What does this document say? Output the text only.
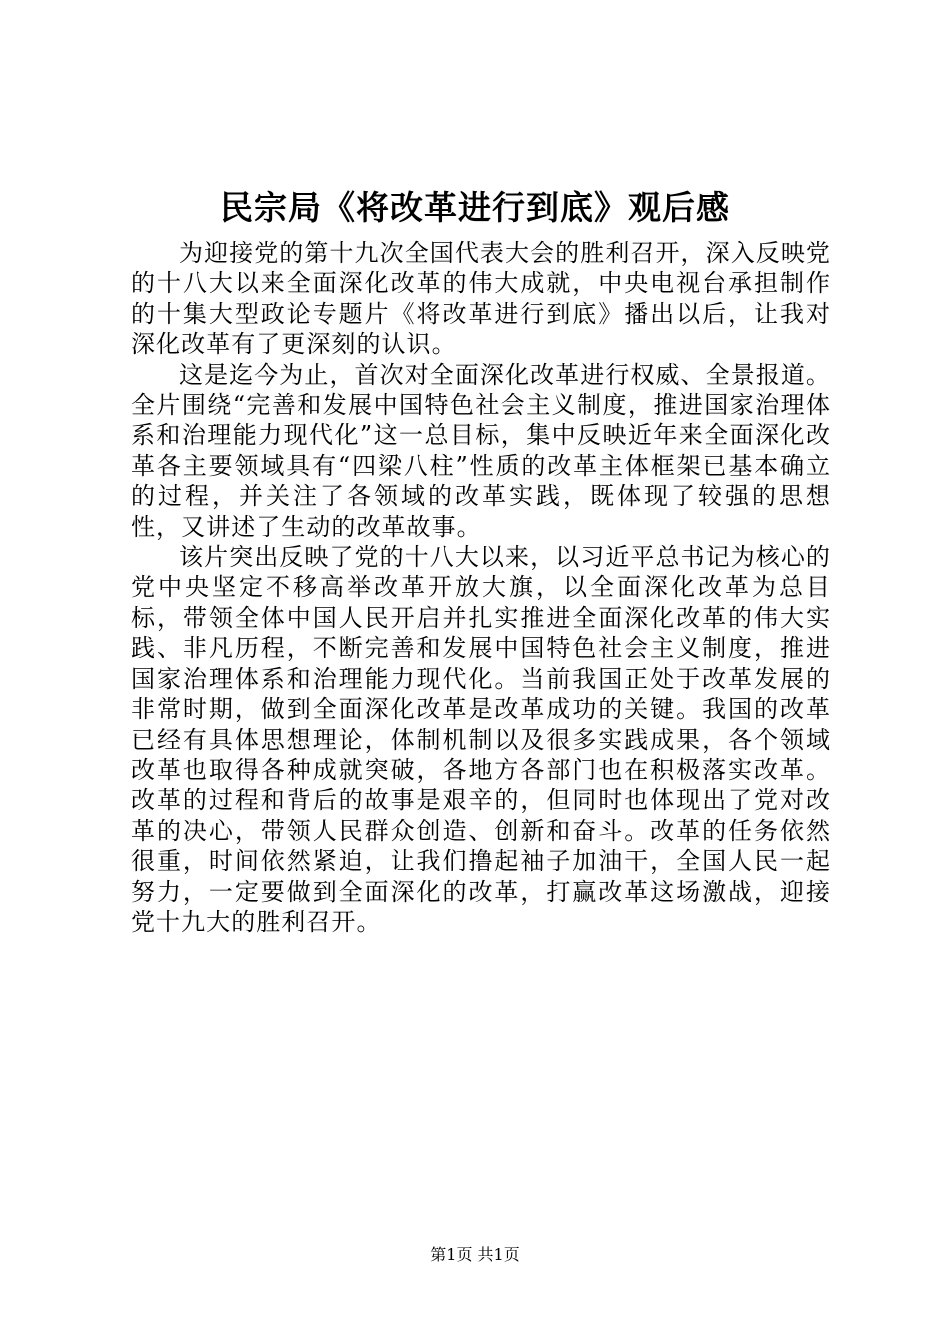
民宗局《将改革进行到底》观后感

为迎接党的第十九次全国代表大会的胜利召开，深入反映党的十八大以来全面深化改革的伟大成就，中央电视台承担制作的十集大型政论专题片《将改革进行到底》播出以后，让我对深化改革有了更深刻的认识。

这是迄今为止，首次对全面深化改革进行权威、全景报道。全片围绕“完善和发展中国特色社会主义制度，推进国家治理体系和治理能力现代化”这一总目标，集中反映近年来全面深化改革各主要领域具有“四梁八柱”性质的改革主体框架已基本确立的过程，并关注了各领域的改革实践，既体现了较强的思想性，又讲述了生动的改革故事。

该片突出反映了党的十八大以来，以习近平总书记为核心的党中央坚定不移高举改革开放大旗，以全面深化改革为总目标，带领全体中国人民开启并扎实推进全面深化改革的伟大实践、非凡历程，不断完善和发展中国特色社会主义制度，推进国家治理体系和治理能力现代化。当前我国正处于改革发展的非常时期，做到全面深化改革是改革成功的关键。我国的改革已经有具体思想理论，体制机制以及很多实践成果，各个领域改革也取得各种成就突破，各地方各部门也在积极落实改革。改革的过程和背后的故事是艰辛的，但同时也体现出了党对改革的决心，带领人民群众创造、创新和奋斗。改革的任务依然很重，时间依然紧迫，让我们撸起袖子加油干，全国人民一起努力，一定要做到全面深化的改革，打赢改革这场激战，迎接党十九大的胜利召开。

第1页 共1页
